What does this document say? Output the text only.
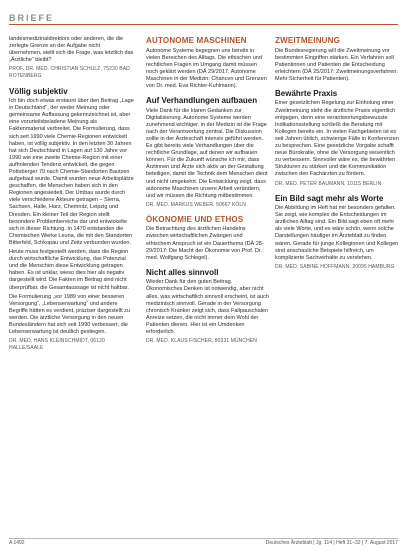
BRIEFE

landesmedizinaldirektors oder anderen, die die zerlegte Grenze an der Aufgabe nicht übernehmen, stellt sich die Frage, was letztlich das „Ärztliche“ bleibt?

PROF. DR. MED. CHRISTIAN SCHULZ, 75230 BAD ROTENBERG
Völlig subjektiv

Ich bin doch etwas erstaunt über den Beitrag „Lage in Deutschland“, der weder Meinung oder gemeinsame Auffassung gekennzeichnet ist, aber eine vorurteilsbeladene Meinung als Faktenmaterial verbreitet. Die Formulierung, dass sich seit 1990 viele Chemie-Regionen entwickelt haben, ist völlig subjektiv. In den letzten 30 Jahren hat sich Deutschland in Lagen auf 130 Jahre vor 1990 wie eine zweite Chemie-Region mit einer aufholenden Tendenz entwickelt, die gegen Pottsberger 70 nach Chemie-Standorten Bautzen aufgebaut wurde. Damit wurden neue Arbeitsplätze geschaffen, die Menschen haben sich in den Regionen angesiedelt. Der Umbau wurde durch viele verschiedene Akteure getragen – Sierra, Sachsen, Halle, Harz, Chemnitz, Leipzig und Dresden. Ein kleiner Teil der Region stellt besondere Problembereiche dar und entwickelte sich in dieser Richtung. In 1470 entstanden die Chemischen Werke Leuna, die mit den Standorten Bitterfeld, Schkopau und Zeitz verbunden wurden.

Heute muss festgestellt werden, dass die Region durch wirtschaftliche Entwicklung, das Potenzial und die Menschen diese Entwicklung getragen haben. Es ist unklar, wieso dies hier als negativ dargestellt wird. Die Fakten im Beitrag sind nicht überprüfbar, die Gesamtaussage ist nicht haltbar.

Die Formulierung „vor 1989 von einer besseren Versorgung“, „Lebenserwartung“ und andere Begriffe hätten es verdient, präziser dargestellt zu werden. Die ärztliche Versorgung in den neuen Bundesländern hat sich seit 1990 verbessert, die Lebenserwartung ist deutlich gestiegen.

DR. MED. HANS KLEINSCHMIDT, 06120 HALLE/SAALE
AUTONOME MASCHINEN

Autonome Systeme begegnen uns bereits in vielen Bereichen des Alltags. Die ethischen und rechtlichen Fragen im Umgang damit müssen noch geklärt werden (DÄ 29/2017: Autonome Maschinen in der Medizin: Chancen und Grenzen von Dr. med. Eva Richter-Kuhlmann).

Auf Verhandlungen aufbauen

Viele Dank für die klaren Gedanken zur Digitalisierung. Autonome Systeme werden zunehmend wichtiger, in der Medizin ist die Frage nach der Verantwortung zentral. Die Diskussion sollte in der Ärzteschaft intensiv geführt werden. Es gibt bereits viele Verhandlungen über die rechtliche Grundlage, auf denen wir aufbauen können. Für die Zukunft wünsche ich mir, dass Ärztinnen und Ärzte sich aktiv an der Gestaltung beteiligen, damit die Technik dem Menschen dient und nicht umgekehrt. Die Entwicklung zeigt, dass autonome Maschinen unsere Arbeit verändern, und wir müssen die Richtung mitbestimmen.

DR. MED. MARKUS WEBER, 50667 KÖLN
ÖKONOMIE UND ETHOS

Die Betrachtung des ärztlichen Handelns zwischen wirtschaftlichen Zwängen und ethischem Anspruch ist ein Dauerthema (DÄ 28-29/2017: Die Macht der Ökonomie von Prof. Dr. med. Wolfgang Schlegel).

Nicht alles sinnvoll

Wieder Dank für den guten Beitrag. Ökonomisches Denken ist notwendig, aber nicht alles, was wirtschaftlich sinnvoll erscheint, ist auch medizinisch sinnvoll. Gerade in der Versorgung chronisch Kranker zeigt sich, dass Fallpauschalen Anreize setzen, die nicht immer dem Wohl der Patienten dienen. Hier ist ein Umdenken erforderlich.

DR. MED. KLAUS FISCHER, 80331 MÜNCHEN
ZWEITMEINUNG

Die Bundesregierung will die Zweitmeinung vor bestimmten Eingriffen stärken. Ein Verfahren soll Patientinnen und Patienten die Entscheidung erleichtern (DÄ 25/2017: Zweitmeinungsverfahren: Mehr Sicherheit für Patienten).

Bewährte Praxis

Einer gesetzlichen Regelung zur Einholung einer Zweitmeinung steht die ärztliche Praxis eigentlich entgegen, denn eine verantwortungsbewusste Indikationsstellung schließt die Beratung mit Kollegen bereits ein. In vielen Fachgebieten ist es seit Jahren üblich, schwierige Fälle in Konferenzen zu besprechen. Eine gesetzliche Vorgabe schafft neue Bürokratie, ohne die Versorgung wesentlich zu verbessern. Sinnvoller wäre es, die bewährten Strukturen zu stärken und die Kommunikation zwischen den Fachärzten zu fördern.

DR. MED. PETER BAUMANN, 10115 BERLIN
Ein Bild sagt mehr als Worte

Die Abbildung im Heft hat mir besonders gefallen. Sie zeigt, wie komplex die Entscheidungen im ärztlichen Alltag sind. Ein Bild sagt eben oft mehr als viele Worte, und es wäre schön, wenn solche Darstellungen häufiger im Ärzteblatt zu finden wären. Gerade für junge Kolleginnen und Kollegen sind anschauliche Beispiele hilfreich, um komplizierte Sachverhalte zu verstehen.

DR. MED. SABINE HOFFMANN, 20095 HAMBURG
A 1492	Deutsches Ärzteblatt | Jg. 114 | Heft 31–32 | 7. August 2017
